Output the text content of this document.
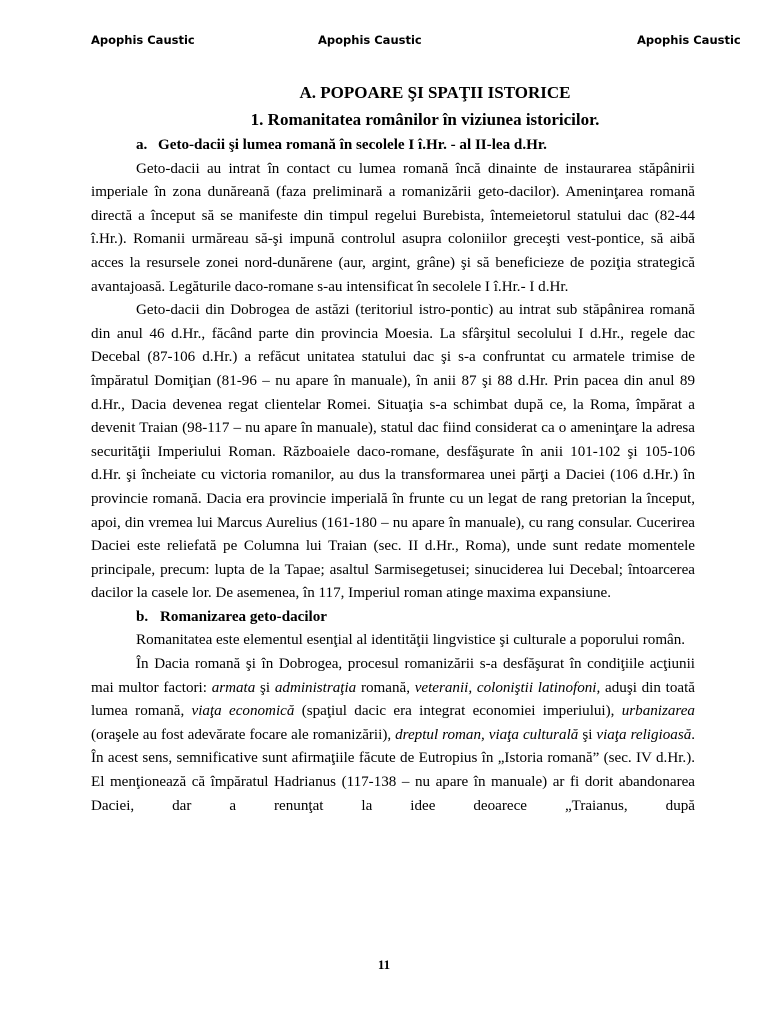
Apophis Caustic	Apophis Caustic	Apophis Caustic
A. POPOARE ŞI SPAŢII ISTORICE
1. Romanitatea românilor în viziunea istoricilor.
a. Geto-dacii şi lumea romană în secolele I î.Hr. - al II-lea d.Hr.

Geto-dacii au intrat în contact cu lumea romană încă dinainte de instaurarea stăpânirii imperiale în zona dunăreană (faza preliminară a romanizării geto-dacilor). Ameninţarea romană directă a început să se manifeste din timpul regelui Burebista, întemeietorul statului dac (82-44 î.Hr.). Romanii urmăreau să-şi impună controlul asupra coloniilor greceşti vest-pontice, să aibă acces la resursele zonei nord-dunărene (aur, argint, grâne) şi să beneficieze de poziţia strategică avantajoasă. Legăturile daco-romane s-au intensificat în secolele I î.Hr.- I d.Hr.

Geto-dacii din Dobrogea de astăzi (teritoriul istro-pontic) au intrat sub stăpânirea romană din anul 46 d.Hr., făcând parte din provincia Moesia. La sfârşitul secolului I d.Hr., regele dac Decebal (87-106 d.Hr.) a refăcut unitatea statului dac şi s-a confruntat cu armatele trimise de împăratul Domiţian (81-96 – nu apare în manuale), în anii 87 şi 88 d.Hr. Prin pacea din anul 89 d.Hr., Dacia devenea regat clientelar Romei. Situaţia s-a schimbat după ce, la Roma, împărat a devenit Traian (98-117 – nu apare în manuale), statul dac fiind considerat ca o ameninţare la adresa securităţii Imperiului Roman. Războaiele daco-romane, desfăşurate în anii 101-102 şi 105-106 d.Hr. şi încheiate cu victoria romanilor, au dus la transformarea unei părţi a Daciei (106 d.Hr.) în provincie romană. Dacia era provincie imperială în frunte cu un legat de rang pretorian la început, apoi, din vremea lui Marcus Aurelius (161-180 – nu apare în manuale), cu rang consular. Cucerirea Daciei este reliefată pe Columna lui Traian (sec. II d.Hr., Roma), unde sunt redate momentele principale, precum: lupta de la Tapae; asaltul Sarmisegetusei; sinuciderea lui Decebal; întoarcerea dacilor la casele lor. De asemenea, în 117, Imperiul roman atinge maxima expansiune.

b. Romanizarea geto-dacilor

Romanitatea este elementul esenţial al identităţii lingvistice şi culturale a poporului român.

În Dacia romană şi în Dobrogea, procesul romanizării s-a desfăşurat în condiţiile acţiunii mai multor factori: armata şi administraţia romană, veteranii, coloniştii latinofoni, aduşi din toată lumea romană, viaţa economică (spaţiul dacic era integrat economiei imperiului), urbanizarea (oraşele au fost adevărate focare ale romanizării), dreptul roman, viaţa culturală şi viaţa religioasă. În acest sens, semnificative sunt afirmaţiile făcute de Eutropius în „Istoria romană” (sec. IV d.Hr.). El menţionează că împăratul Hadrianus (117-138 – nu apare în manuale) ar fi dorit abandonarea Daciei, dar a renunţat la idee deoarece „Traianus, după

11
